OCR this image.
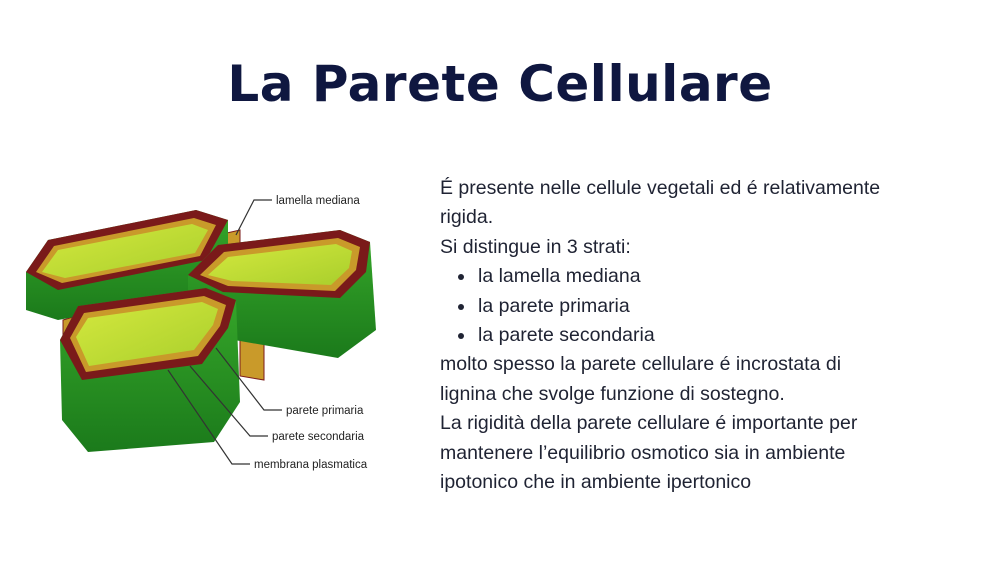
La Parete Cellulare
lamella mediana
parete primaria
parete secondaria
membrana plasmatica

É presente nelle cellule vegetali ed é relativamente

rigida.

Si distingue in 3 strati:

la lamella mediana
la parete primaria
la parete secondaria

molto spesso la parete cellulare é incrostata di

lignina che svolge funzione di sostegno.

La rigidità della parete cellulare é importante per

mantenere l’equilibrio osmotico sia in ambiente

ipotonico che in ambiente ipertonico
